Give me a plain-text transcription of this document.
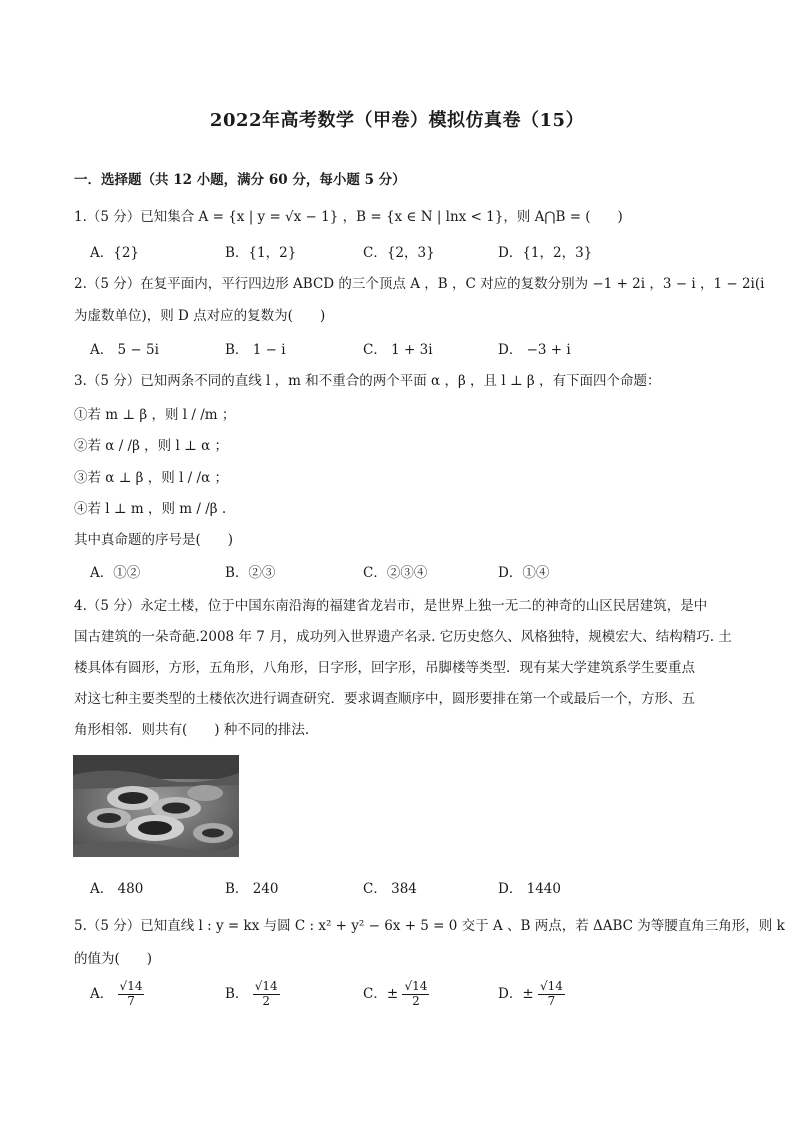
2022年高考数学（甲卷）模拟仿真卷（15）
一．选择题（共 12 小题，满分 60 分，每小题 5 分）
1.（5 分）已知集合 A = {x | y = √x − 1} ，B = {x ∈ N | lnx < 1}，则 A⋂B = (　　)
A．{2}	B．{1，2}	C．{2，3}	D．{1，2，3}
2.（5 分）在复平面内，平行四边形 ABCD 的三个顶点 A ，B ，C 对应的复数分别为 −1 + 2i ，3 − i ，1 − 2i(i
为虚数单位)，则 D 点对应的复数为(　　)
A． 5 − 5i	B． 1 − i	C． 1 + 3i	D． −3 + i
3.（5 分）已知两条不同的直线 l ，m 和不重合的两个平面 α ，β ，且 l ⊥ β ，有下面四个命题：
①若 m ⊥ β ，则 l / /m ；
②若 α / /β ，则 l ⊥ α ；
③若 α ⊥ β ，则 l / /α ；
④若 l ⊥ m ，则 m / /β .
其中真命题的序号是(　　)
A．①②	B．②③	C．②③④	D．①④
4.（5 分）永定土楼，位于中国东南沿海的福建省龙岩市，是世界上独一无二的神奇的山区民居建筑，是中
国古建筑的一朵奇葩.2008 年 7 月，成功列入世界遗产名录. 它历史悠久、风格独特，规模宏大、结构精巧. 土
楼具体有圆形，方形，五角形，八角形，日字形，回字形，吊脚楼等类型．现有某大学建筑系学生要重点
对这七种主要类型的土楼依次进行调查研究．要求调查顺序中，圆形要排在第一个或最后一个，方形、五
角形相邻．则共有(　　) 种不同的排法.
A． 480	B． 240	C． 384	D． 1440
5.（5 分）已知直线 l : y = kx 与圆 C : x² + y² − 6x + 5 = 0 交于 A 、B 两点，若 ΔABC 为等腰直角三角形，则 k
的值为(　　)
A． $\frac{√14}{7}$	B． $\frac{√14}{2}$	C．± $\frac{√14}{2}$	D．± $\frac{√14}{7}$
